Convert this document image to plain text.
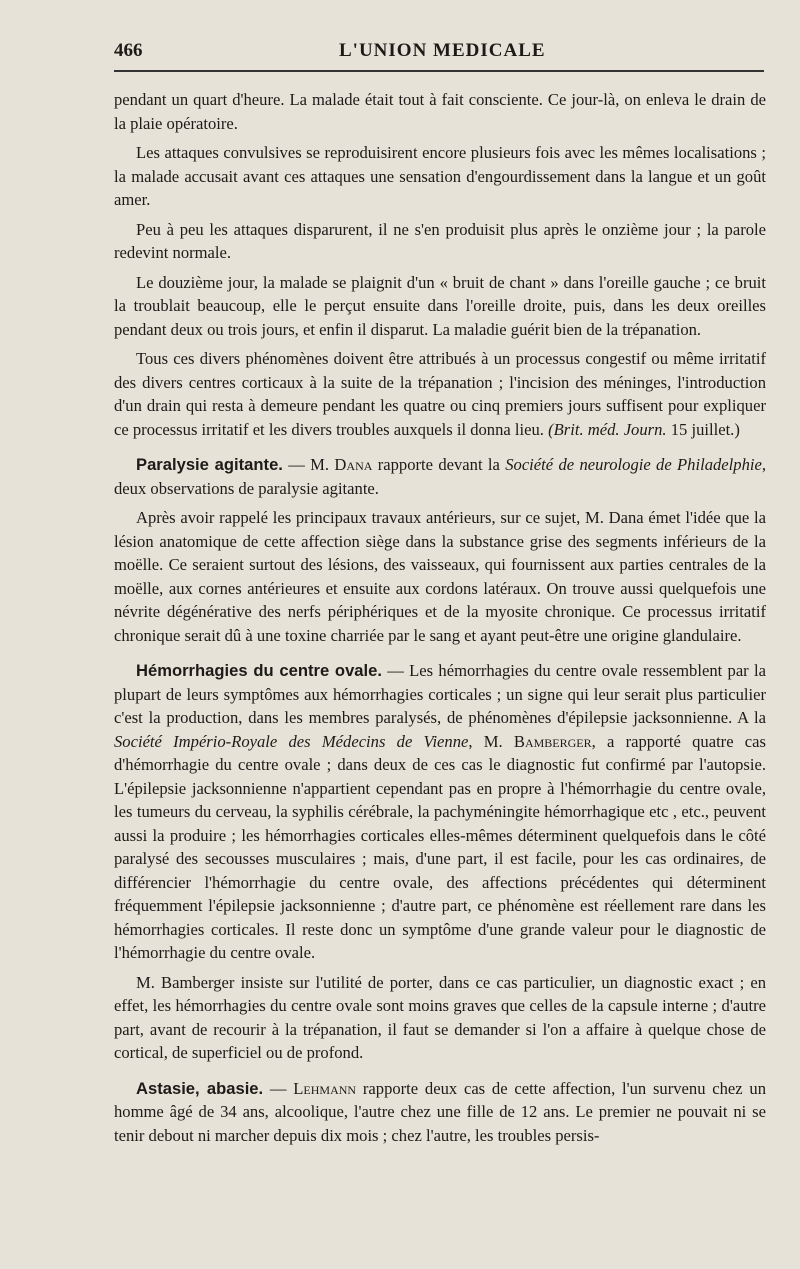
466	L'UNION MEDICALE

pendant un quart d'heure. La malade était tout à fait consciente. Ce jour-là, on enleva le drain de la plaie opératoire.

Les attaques convulsives se reproduisirent encore plusieurs fois avec les mêmes localisations ; la malade accusait avant ces attaques une sensation d'engourdissement dans la langue et un goût amer.

Peu à peu les attaques disparurent, il ne s'en produisit plus après le onzième jour ; la parole redevint normale.

Le douzième jour, la malade se plaignit d'un « bruit de chant » dans l'oreille gauche ; ce bruit la troublait beaucoup, elle le perçut ensuite dans l'oreille droite, puis, dans les deux oreilles pendant deux ou trois jours, et enfin il disparut. La maladie guérit bien de la trépanation.

Tous ces divers phénomènes doivent être attribués à un processus congestif ou même irritatif des divers centres corticaux à la suite de la trépanation ; l'incision des méninges, l'introduction d'un drain qui resta à demeure pendant les quatre ou cinq premiers jours suffisent pour expliquer ce processus irritatif et les divers troubles auxquels il donna lieu. (Brit. méd. Journ. 15 juillet.)

Paralysie agitante. — M. Dana rapporte devant la Société de neurologie de Philadelphie, deux observations de paralysie agitante.

Après avoir rappelé les principaux travaux antérieurs, sur ce sujet, M. Dana émet l'idée que la lésion anatomique de cette affection siège dans la substance grise des segments inférieurs de la moëlle. Ce seraient surtout des lésions, des vaisseaux, qui fournissent aux parties centrales de la moëlle, aux cornes antérieures et ensuite aux cordons latéraux. On trouve aussi quelquefois une névrite dégénérative des nerfs périphériques et de la myosite chronique. Ce processus irritatif chronique serait dû à une toxine charriée par le sang et ayant peut-être une origine glandulaire.

Hémorrhagies du centre ovale. — Les hémorrhagies du centre ovale ressemblent par la plupart de leurs symptômes aux hémorrhagies corticales ; un signe qui leur serait plus particulier c'est la production, dans les membres paralysés, de phénomènes d'épilepsie jacksonnienne. A la Société Império-Royale des Médecins de Vienne, M. Bamberger, a rapporté quatre cas d'hémorrhagie du centre ovale ; dans deux de ces cas le diagnostic fut confirmé par l'autopsie. L'épilepsie jacksonnienne n'appartient cependant pas en propre à l'hémorrhagie du centre ovale, les tumeurs du cerveau, la syphilis cérébrale, la pachyméningite hémorrhagique etc , etc., peuvent aussi la produire ; les hémorrhagies corticales elles-mêmes déterminent quelquefois dans le côté paralysé des secousses musculaires ; mais, d'une part, il est facile, pour les cas ordinaires, de différencier l'hémorrhagie du centre ovale, des affections précédentes qui déterminent fréquemment l'épilepsie jacksonnienne ; d'autre part, ce phénomène est réellement rare dans les hémorrhagies corticales. Il reste donc un symptôme d'une grande valeur pour le diagnostic de l'hémorrhagie du centre ovale.

M. Bamberger insiste sur l'utilité de porter, dans ce cas particulier, un diagnostic exact ; en effet, les hémorrhagies du centre ovale sont moins graves que celles de la capsule interne ; d'autre part, avant de recourir à la trépanation, il faut se demander si l'on a affaire à quelque chose de cortical, de superficiel ou de profond.

Astasie, abasie. — Lehmann rapporte deux cas de cette affection, l'un survenu chez un homme âgé de 34 ans, alcoolique, l'autre chez une fille de 12 ans. Le premier ne pouvait ni se tenir debout ni marcher depuis dix mois ; chez l'autre, les troubles persis-
